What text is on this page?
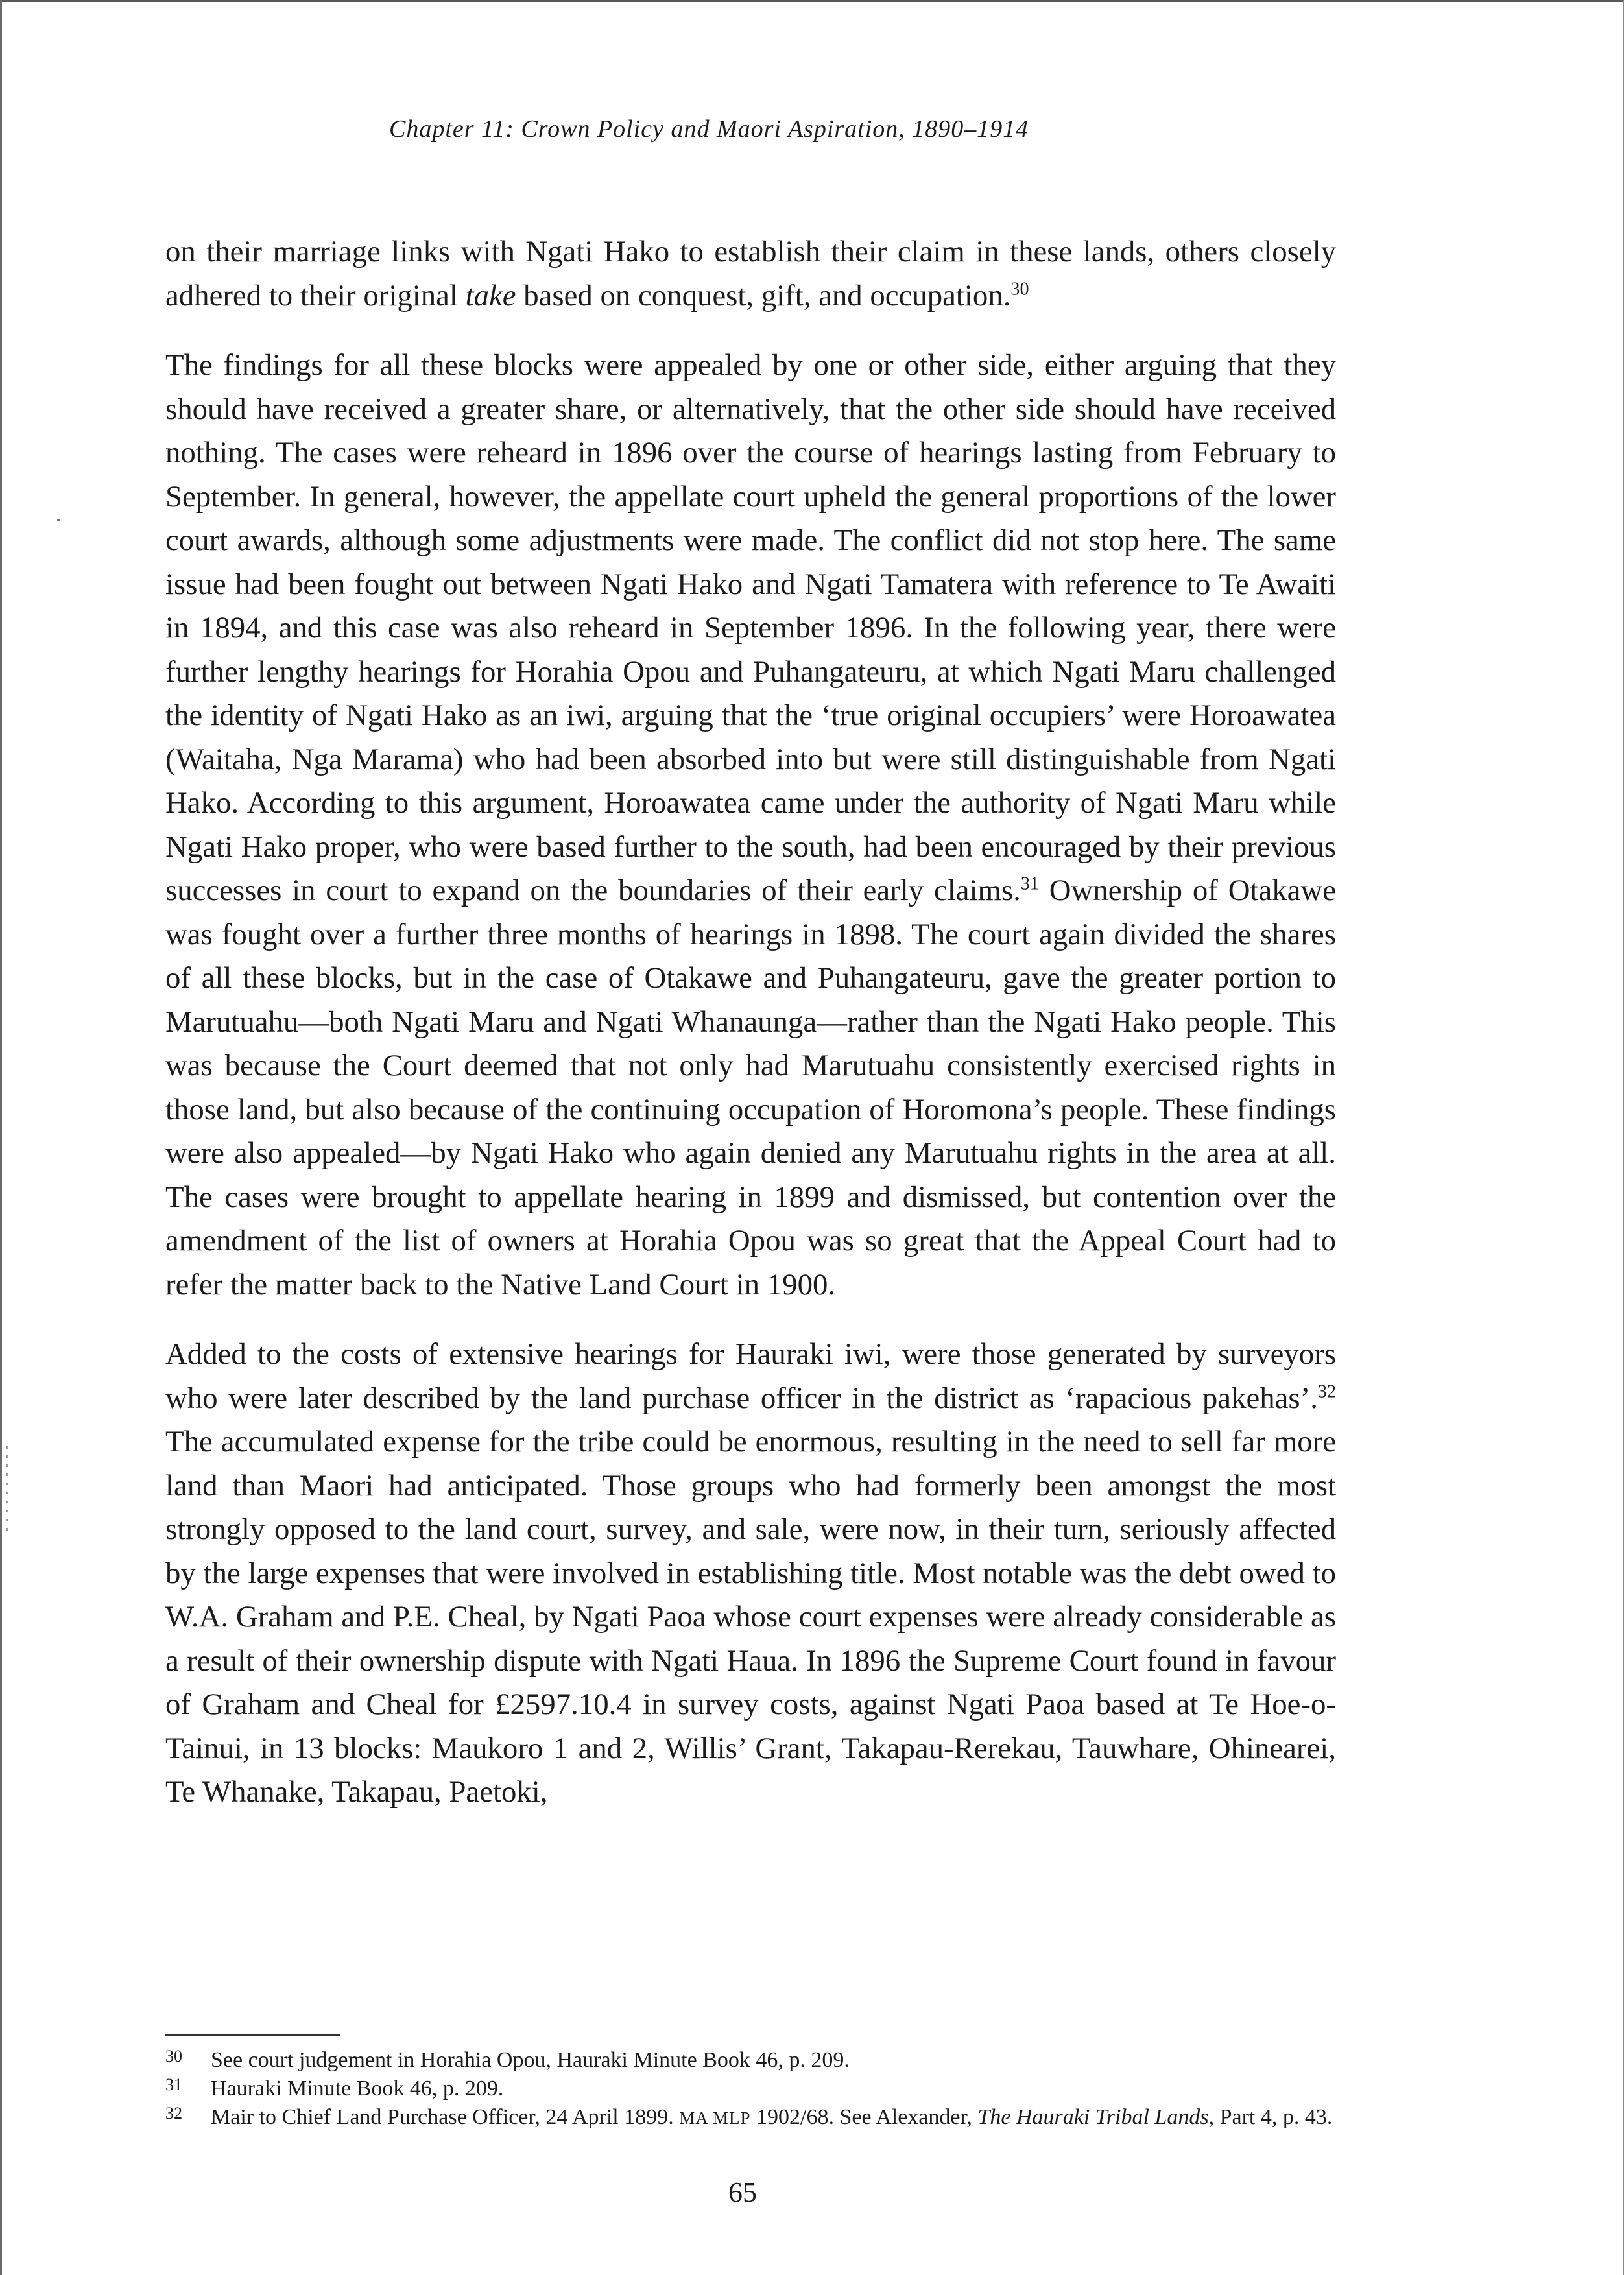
Chapter 11: Crown Policy and Maori Aspiration, 1890–1914

on their marriage links with Ngati Hako to establish their claim in these lands, others closely adhered to their original take based on conquest, gift, and occupation.$^{30}$

The findings for all these blocks were appealed by one or other side, either arguing that they should have received a greater share, or alternatively, that the other side should have received nothing. The cases were reheard in 1896 over the course of hearings lasting from February to September. In general, however, the appellate court upheld the general proportions of the lower court awards, although some adjustments were made. The conflict did not stop here. The same issue had been fought out between Ngati Hako and Ngati Tamatera with reference to Te Awaiti in 1894, and this case was also reheard in September 1896. In the following year, there were further lengthy hearings for Horahia Opou and Puhangateuru, at which Ngati Maru challenged the identity of Ngati Hako as an iwi, arguing that the ‘true original occupiers’ were Horoawatea (Waitaha, Nga Marama) who had been absorbed into but were still distinguishable from Ngati Hako. According to this argument, Horoawatea came under the authority of Ngati Maru while Ngati Hako proper, who were based further to the south, had been encouraged by their previous successes in court to expand on the boundaries of their early claims.$^{31}$ Ownership of Otakawe was fought over a further three months of hearings in 1898. The court again divided the shares of all these blocks, but in the case of Otakawe and Puhangateuru, gave the greater portion to Marutuahu—both Ngati Maru and Ngati Whanaunga—rather than the Ngati Hako people. This was because the Court deemed that not only had Marutuahu consistently exercised rights in those land, but also because of the continuing occupation of Horomona’s people. These findings were also appealed—by Ngati Hako who again denied any Marutuahu rights in the area at all. The cases were brought to appellate hearing in 1899 and dismissed, but contention over the amendment of the list of owners at Horahia Opou was so great that the Appeal Court had to refer the matter back to the Native Land Court in 1900.

Added to the costs of extensive hearings for Hauraki iwi, were those generated by surveyors who were later described by the land purchase officer in the district as ‘rapacious pakehas’.$^{32}$ The accumulated expense for the tribe could be enormous, resulting in the need to sell far more land than Maori had anticipated. Those groups who had formerly been amongst the most strongly opposed to the land court, survey, and sale, were now, in their turn, seriously affected by the large expenses that were involved in establishing title. Most notable was the debt owed to W.A. Graham and P.E. Cheal, by Ngati Paoa whose court expenses were already considerable as a result of their ownership dispute with Ngati Haua. In 1896 the Supreme Court found in favour of Graham and Cheal for £2597.10.4 in survey costs, against Ngati Paoa based at Te Hoe-o-Tainui, in 13 blocks: Maukoro 1 and 2, Willis’ Grant, Takapau-Rerekau, Tauwhare, Ohinearei, Te Whanake, Takapau, Paetoki,

30	See court judgement in Horahia Opou, Hauraki Minute Book 46, p. 209.
31	Hauraki Minute Book 46, p. 209.
32	Mair to Chief Land Purchase Officer, 24 April 1899. MA MLP 1902/68. See Alexander, The Hauraki Tribal Lands, Part 4, p. 43.
65
